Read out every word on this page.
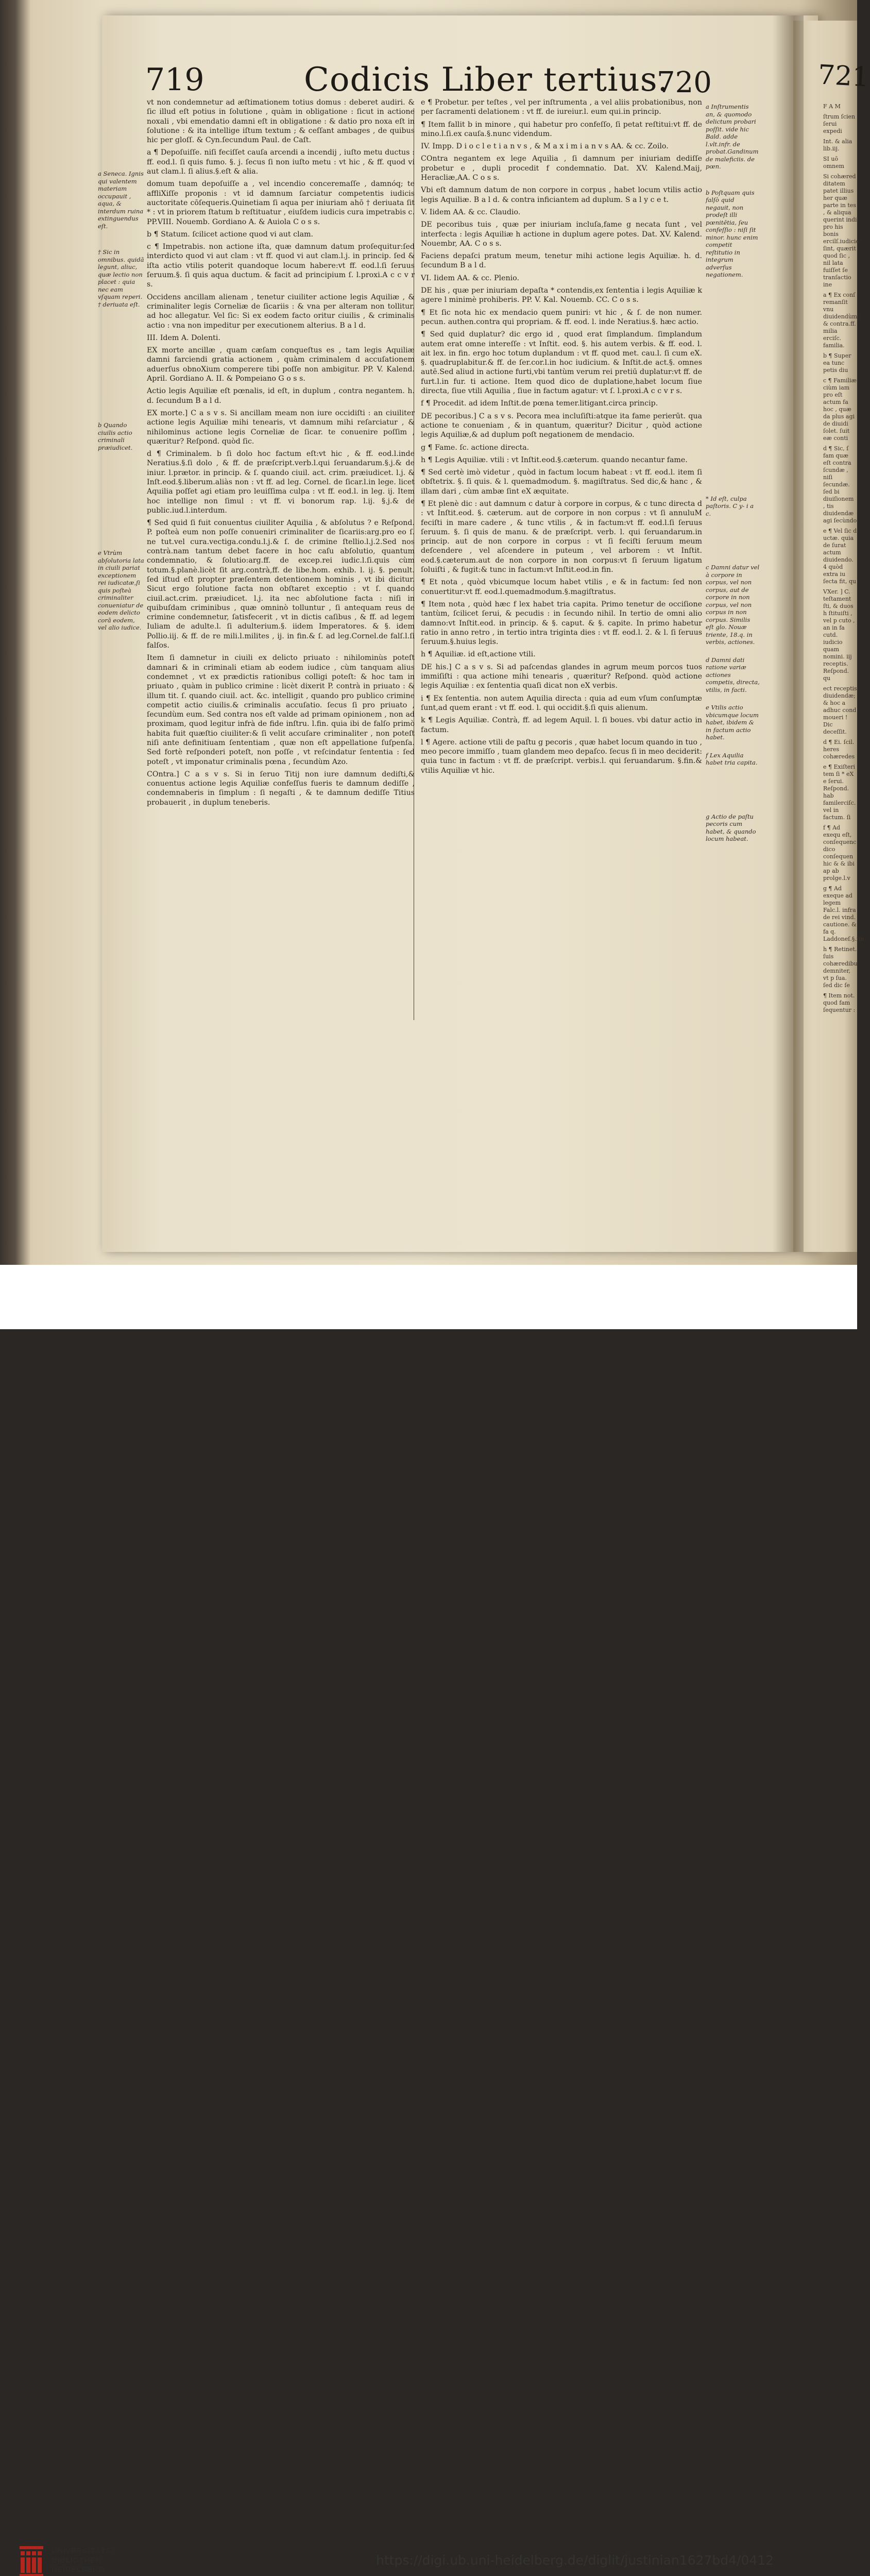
719	Codicis Liber tertius.
720	721

vt non condemnetur ad æſtimationem totius domus : deberet audiri. & ſic illud eſt potius in ſolutione , quàm in obligatione : ſicut in actione noxali , vbi emendatio damni eſt in obligatione : & datio pro noxa eſt in ſolutione : & ita intellige iſtum textum ; & ceſſant ambages , de quibus hic per gloſſ. & Cyn.ſecundum Paul. de Caſt.

a ¶ Depoſuiſſe. niſi feciſſet cauſa arcendi a incendij , iuſto metu ductus : ff. eod.l. ſi quis fumo. §. j. ſecus ſi non iuſto metu : vt hic , & ff. quod vi aut clam.l. ſi alius.§.eſt & alia.

domum tuam depoſuiſſe a , vel incendio conceremaſſe , damnóq; te affliXiſſe proponis : vt id damnum ſarciatur competentis iudicis auctoritate cōſequeris.Quinetiam ſi aqua per iniuriam ahō † deriuata ſit * : vt in priorem ſtatum b reſtituatur , eiuſdem iudicis cura impetrabis c. PP.VIII. Nouemb. Gordiano A. & Auiola C o s s.

b ¶ Statum. ſcilicet actione quod vi aut clam.

c ¶ Impetrabis. non actione iſta, quæ damnum datum proſequitur:ſed interdicto quod vi aut clam : vt ff. quod vi aut clam.l.j. in princip. ſed & iſta actio vtilis poterit quandoque locum habere:vt ff. eod.l.ſi ſeruus ſeruum.§. ſi quis aqua ductum. & facit ad principium ſ. l.proxi.A c c v r s.

Occidens ancillam alienam , tenetur ciuiliter actione legis Aquiliæ , & criminaliter legis Corneliæ de ſicariis : & vna per alteram non tollitur. ad hoc allegatur. Vel ſic: Si ex eodem facto oritur ciuilis , & criminalis actio : vna non impeditur per executionem alterius. B a l d.

III. Idem A. Dolenti.

EX morte ancillæ , quam cæſam conqueſtus es , tam legis Aquiliæ damni farciendi gratia actionem , quàm criminalem d accuſationem aduerſus obnoXium comperere tibi poſſe non ambigitur. PP. V. Kalend. April. Gordiano A. II. & Pompeiano G o s s.

Actio legis Aquiliæ eſt pœnalis, id eſt, in duplum , contra negantem. h. d. ſecundum B a l d.

EX morte.] C a s v s. Si ancillam meam non iure occidiſti : an ciuiliter actione legis Aquiliæ mihi tenearis, vt damnum mihi reſarciatur , & nihilominus actione legis Corneliæ de ſicar. te conuenire poſſim , quæritur? Reſpond. quòd ſic.

d ¶ Criminalem. b ſi dolo hoc factum eſt:vt hic , & ff. eod.l.inde Neratius.§.ſi dolo , & ff. de præſcript.verb.l.qui ſeruandarum.§.j.& de iniur. l.prætor. in princip. & ſ. quando ciuil. act. crim. præiudicet. l.j. & Inſt.eod.§.liberum.aliàs non : vt ff. ad leg. Cornel. de ſicar.l.in lege. licet Aquilia poſſet agi etiam pro leuiſſima culpa : vt ff. eod.l. in leg. ij. Item hoc intellige non ſimul : vt ff. vi bonorum rap. l.ij. §.j.& de public.iud.l.interdum.

¶ Sed quid ſi fuit conuentus ciuiliter Aquilia , & abſolutus ? e Reſpond. P. poſteà eum non poſſe conueniri criminaliter de ſicariis:arg.pro eo ſ. ne tut.vel cura.vectiga.condu.l.j.& ſ. de crimine ſtellio.l.j.2.Sed nos contrà.nam tantum debet facere in hoc caſu abſolutio, quantum condemnatio, & ſolutio:arg.ff. de excep.rei iudic.l.ſi.quis cùm totum.§.planè.licèt ſit arg.contrà,ff. de libe.hom. exhib. l. ij. §. penult. ſed iſtud eſt propter præſentem detentionem hominis , vt ibi dicitur. Sicut ergo ſolutione facta non obſtaret exceptio : vt ſ. quando ciuil.act.crim. præiudicet. l.j. ita nec abſolutione facta : niſi in quibuſdam criminibus , quæ omninò tolluntur , ſi antequam reus de crimine condemnetur, ſatisfecerit , vt in dictis caſibus , & ff. ad legem Iuliam de adulte.l. ſi adulterium.§. iidem Imperatores. & §. idem Pollio.iij. & ff. de re mili.l.milites , ij. in fin.& ſ. ad leg.Cornel.de falſ.l.ſi falſos.

Item ſi damnetur in ciuili ex delicto priuato : nihilominùs poteſt damnari & in criminali etiam ab eodem iudice , cùm tanquam alius condemnet , vt ex prædictis rationibus colligi poteſt: & hoc tam in priuato , quàm in publico crimine : licèt dixerit P. contrà in priuato : & illum tit. ſ. quando ciuil. act. &c. intelligit , quando pro publico crimine competit actio ciuilis.& criminalis accuſatio. ſecus ſi pro priuato , ſecundùm eum. Sed contra nos eſt valde ad primam opinionem , non ad proximam, quod legitur infrà de fide inſtru. l.fin. quia ibi de falſo primò habita fuit quæſtio ciuiliter:& ſi velit accuſare criminaliter , non poteſt niſi ante definitiuam ſententiam , quæ non eſt appellatione ſuſpenſa. Sed fortè reſponderi poteſt, non poſſe , vt reſcindatur ſententia : ſed poteſt , vt imponatur criminalis pœna , ſecundùm Azo.

COntra.] C a s v s. Si in ſeruo Titij non iure damnum dediſti,& conuentus actione legis Aquiliæ confeſſus fueris te damnum dediſſe , condemnaberis in ſimplum : ſi negaſti , & te damnum dediſſe Titius probauerit , in duplum teneberis.

e ¶ Probetur. per teſtes , vel per inſtrumenta , a vel aliis probationibus, non per ſacramenti delationem : vt ff. de iureiur.l. eum qui.in princip.

¶ Item fallit b in minore , qui habetur pro confeſſo, ſi petat reſtitui:vt ff. de mino.l.ſi.ex cauſa.§.nunc videndum.

IV. Impp. D i o c l e t i a n v s , & M a x i m i a n v s AA. & cc. Zoilo.

COntra negantem ex lege Aquilia , ſi damnum per iniuriam dediſſe probetur e , dupli procedit f condemnatio. Dat. XV. Kalend.Maij, Heracliæ,AA. C o s s.

Vbi eſt damnum datum de non corpore in corpus , habet locum vtilis actio legis Aquiliæ. B a l d. & contra inficiantem ad duplum. S a l y c e t.

V. Iidem AA. & cc. Claudio.

DE pecoribus tuis , quæ per iniuriam incluſa,fame g necata ſunt , vel interfecta : legis Aquiliæ h actione in duplum agere potes. Dat. XV. Kalend. Nouembr, AA. C o s s.

Faciens depaſci pratum meum, tenetur mihi actione legis Aquiliæ. h. d. ſecundum B a l d.

VI. Iidem AA. & cc. Plenio.

DE his , quæ per iniuriam depaſta * contendis,ex ſententia i legis Aquiliæ k agere l minimè prohiberis. PP. V. Kal. Nouemb. CC. C o s s.

¶ Et ſic nota hic ex mendacio quem puniri: vt hic , & ſ. de non numer. pecun. authen.contra qui propriam. & ff. eod. l. inde Neratius.§. hæc actio.

¶ Sed quid duplatur? dic ergo id , quod erat ſimplandum. ſimplandum autem erat omne intereſſe : vt Inſtit. eod. §. his autem verbis. & ff. eod. l. ait lex. in fin. ergo hoc totum duplandum : vt ff. quod met. cau.l. ſi cum eX. §. quadruplabitur.& ff. de ſer.cor.l.in hoc iudicium. & Inſtit.de act.§. omnes autē.Sed aliud in actione furti,vbi tantùm verum rei pretiū duplatur:vt ff. de furt.l.in fur. ti actione. Item quod dico de duplatione,habet locum ſiue directa, ſiue vtili Aquilia , ſiue in factum agatur: vt ſ. l.proxi.A c c v r s.

f ¶ Procedit. ad idem Inſtit.de pœna temer.litigant.circa princip.

DE pecoribus.] C a s v s. Pecora mea incluſiſti:atque ita fame perierūt. qua actione te conueniam , & in quantum, quæritur? Dicitur , quòd actione legis Aquiliæ,& ad duplum poſt negationem de mendacio.

g ¶ Fame. ſc. actione directa.

h ¶ Legis Aquiliæ. vtili : vt Inſtit.eod.§.cæterum. quando necantur fame.

¶ Sed certè imò videtur , quòd in factum locum habeat : vt ff. eod.l. item ſi obſtetrix. §. ſi quis. & l. quemadmodum. §. magiſtratus. Sed dic,& hanc , & illam dari , cùm ambæ ſint eX æquitate.

¶ Et plenè dic : aut damnum c datur à corpore in corpus, & c tunc directa d : vt Inſtit.eod. §. cæterum. aut de corpore in non corpus : vt ſi annuluM feciſti in mare cadere , & tunc vtilis , & in factum:vt ff. eod.l.ſi ſeruus ſeruum. §. ſi quis de manu. & de præſcript. verb. l. qui ſeruandarum.in princip. aut de non corpore in corpus : vt ſi feciſti ſeruum meum deſcendere , vel aſcendere in puteum , vel arborem : vt Inſtit. eod.§.cæterum.aut de non corpore in non corpus:vt ſi ſeruum ligatum ſoluiſti , & fugit:& tunc in factum:vt Inſtit.eod.in fin.

¶ Et nota , quòd vbicumque locum habet vtilis , e & in factum: ſed non conuertitur:vt ff. eod.l.quemadmodum.§.magiſtratus.

¶ Item nota , quòd hæc f lex habet tria capita. Primo tenetur de occiſione tantùm, ſcilicet ſerui, & pecudis : in ſecundo nihil. In tertio de omni alio damno:vt Inſtit.eod. in princip. & §. caput. & §. capite. In primo habetur ratio in anno retro , in tertio intra triginta dies : vt ff. eod.l. 2. & l. ſi ſeruus ſeruum.§.huius legis.

h ¶ Aquiliæ. id eſt,actione vtili.

DE his.] C a s v s. Si ad paſcendas glandes in agrum meum porcos tuos immiſiſti : qua actione mihi tenearis , quæritur? Reſpond. quòd actione legis Aquiliæ : ex ſententia quaſi dicat non eX verbis.

i ¶ Ex ſententia. non autem Aquilia directa : quia ad eum vſum conſumptæ ſunt,ad quem erant : vt ff. eod. l. qui occidit.§.ſi quis alienum.

k ¶ Legis Aquiliæ. Contrà, ff. ad legem Aquil. l. ſi boues. vbi datur actio in factum.

l ¶ Agere. actione vtili de paſtu g pecoris , quæ habet locum quando in tuo , meo pecore immiſſo , tuam glandem meo depaſco. ſecus ſi in meo deciderit: quia tunc in factum : vt ff. de præſcript. verbis.l. qui ſeruandarum. §.fin.& vtilis Aquiliæ vt hic.

a Seneca. Ignis qui valentem materiam occupauit , aqua, & interdum ruina extinguendus eſt.

† Sic in omnibus. quidā legunt, aliuc, quæ lectio non placet : quia nec eam vſquam reperi. † deriuata eſt.

b Quando ciuilis actio criminali præiudicet.

e Vtrùm abſolutoria lata in ciuili pariat exceptionem rei iudicatæ,ſi quis poſteà criminaliter conueniatur de eodem delicto corā eodem, vel alio iudice.

a Inſtrumentis an, & quomodo delictum probari poſſit. vide hic Bald. adde l.vlt.infr. de probat.Gandinum de maleficiis. de pœn.

b Poſtquam quis falſò quid negauit, non prodeſt illi pœnitētia, ſeu confeſſio : niſi ſit minor. hunc enim competit reſtitutio in integrum adverſus negationem.

* Id eſt, culpa paſtoris. C y- i a c.

c Damni datur vel à corpore in corpus, vel non corpus, aut de corpore in non corpus, vel non corpus in non corpus. Similis eſt glo. Nouæ triente, 18.q. in verbis, actiones.

d Damni dati ratione variæ actiones competis, directa, vtilis, in facti.

e Vtilis actio vbicumque locum habet, ibidem & in factum actio habet.

f Lex Aquilia habet tria capita.

g Actio de paſtu pecoris cum habet, & quando locum habeat.

F A M

ſtrum ſcien ſerui expedi

Int. & alia lib.iij.

SI uō omnem

Si cohæred ditatem patet illius her quæ parte in tes , & aliqua querint indi pro his bonis ercilſ.iudicio ſint, quærit quod ſic , nil lata fuiſſet ſe tranſactio ine

a ¶ Ex conſ remanſit vnu diuidendùm: & contra.ff. milia erciſc. familia.

b ¶ Super ea tunc petis diu

c ¶ Familiæ ciùm iam pro eſt actum fa hoc , quæ da plus agi de diuidi ſolet. ſuit eæ conti

d ¶ Sic, ſ fam quæ eſt contra ſcundæ , niſi ſecundæ. ſed bi diuiſionem , tis diuidendæ agi ſecùndo

e ¶ Vel ſic d uctæ. quia de ſurat actum diuidendo. 4 quòd extra iu ſecta fit, qu

VXer. ] C. teſtament ſti, & duos h ſtituiſti , vel p cuto , an in fa cutd. iudicio quam nomini. iij receptis. Reſpond. qu

ect receptis diuidendæ; & hoc a adhuc cond moueri ! Dic deceſſit.

d ¶ Ei. ſcil. heres cohæredes

e ¶ Exiſteri tem ſi * eX e ſerui. Reſpond. hab familerciſc. vel in factum. ſi

f ¶ Ad exequ eſt, conſequenc dico conſequen hic & & ibi ap ab prolge.l.v

g ¶ Ad exeque ad legem Falc.l. infra de rei vind. cautione. & fa q. Laddoneſ.§.ſin

h ¶ Retinet. ſuis cohæredibu demniter, vt p ſua. ſed dic ſe

¶ Item not. quod fam ſequentur :

UNIVERSITÄTS-
BIBLIOTHEK
HEIDELBERG
https://digi.ub.uni-heidelberg.de/diglit/justinian1627bd4/0412
